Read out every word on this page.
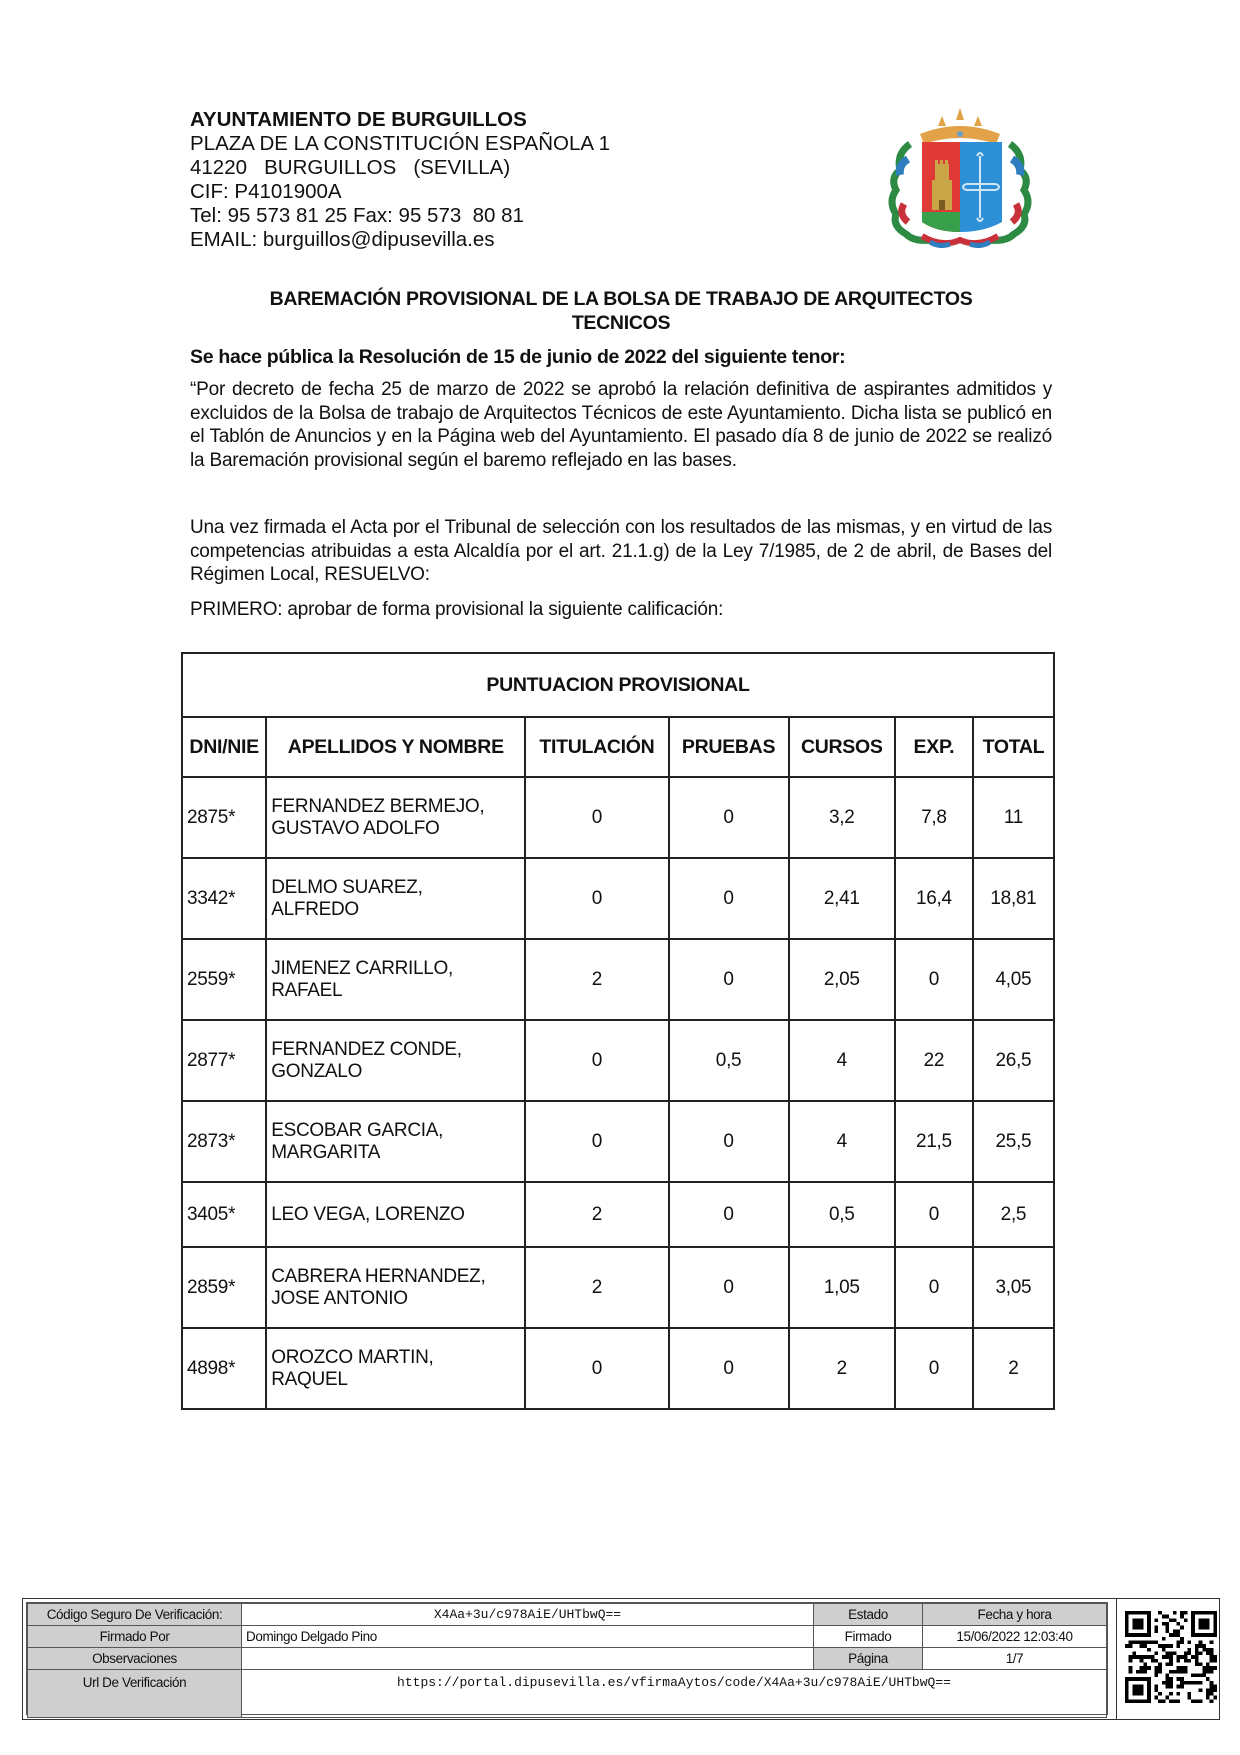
AYUNTAMIENTO DE BURGUILLOS
PLAZA DE LA CONSTITUCIÓN ESPAÑOLA 1
41220   BURGUILLOS   (SEVILLA)
CIF: P4101900A
Tel: 95 573 81 25 Fax: 95 573  80 81
EMAIL: burguillos@dipusevilla.es
BAREMACIÓN PROVISIONAL DE LA BOLSA DE TRABAJO DE ARQUITECTOS
TECNICOS
Se hace pública la Resolución de 15 de junio de 2022 del siguiente tenor:
“Por decreto de fecha 25 de marzo de 2022 se aprobó la relación definitiva de aspirantes admitidos y excluidos de la Bolsa de trabajo de Arquitectos Técnicos de este Ayuntamiento. Dicha lista se publicó en el Tablón de Anuncios y en la Página web del Ayuntamiento. El pasado día 8 de junio de 2022 se realizó la Baremación provisional según el baremo reflejado en las bases.
Una vez firmada el Acta por el Tribunal de selección con los resultados de las mismas, y en virtud de las competencias atribuidas a esta Alcaldía por el art. 21.1.g) de la Ley 7/1985, de 2 de abril, de Bases del Régimen Local, RESUELVO:
PRIMERO: aprobar de forma provisional la siguiente calificación:
PUNTUACION PROVISIONAL						
DNI/NIE	APELLIDOS Y NOMBRE	TITULACIÓN	PRUEBAS	CURSOS	EXP.	TOTAL
2875*	FERNANDEZ BERMEJO,
GUSTAVO ADOLFO	0	0	3,2	7,8	11
3342*	DELMO SUAREZ,
ALFREDO	0	0	2,41	16,4	18,81
2559*	JIMENEZ CARRILLO,
RAFAEL	2	0	2,05	0	4,05
2877*	FERNANDEZ CONDE,
GONZALO	0	0,5	4	22	26,5
2873*	ESCOBAR GARCIA,
MARGARITA	0	0	4	21,5	25,5
3405*	LEO VEGA, LORENZO	2	0	0,5	0	2,5
2859*	CABRERA HERNANDEZ,
JOSE ANTONIO	2	0	1,05	0	3,05
4898*	OROZCO MARTIN,
RAQUEL	0	0	2	0	2
Código Seguro De Verificación:	X4Aa+3u/c978AiE/UHTbwQ==	Estado	Fecha y hora
Firmado Por	Domingo Delgado Pino	Firmado	15/06/2022 12:03:40
Observaciones		Página	1/7
Url De Verificación	https://portal.dipusevilla.es/vfirmaAytos/code/X4Aa+3u/c978AiE/UHTbwQ==		
